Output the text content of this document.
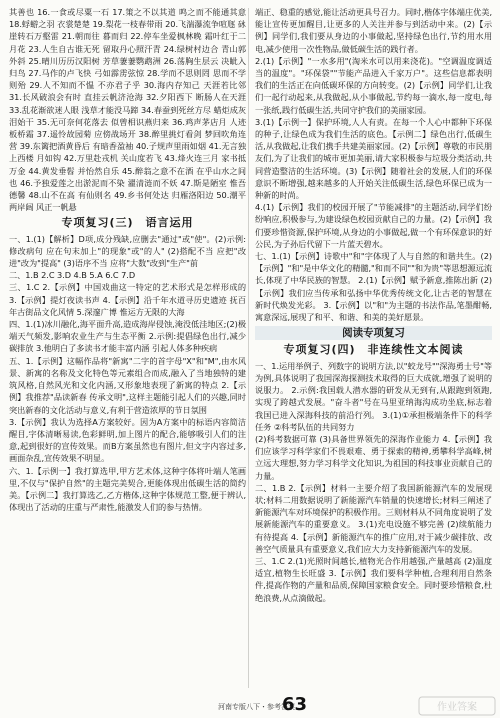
其善也 16.一食或尽粟一石 17.策之不以其道 鸣之而不能通其意 18.蜉蝣之羽 衣裳楚楚 19.梨花一枝春带雨 20.飞湍瀑流争喧豗 砯崖转石万壑雷 21.朝而往 暮而归 22.停车坐爱枫林晚 霜叶红于二月花 23.人生自古谁无死 留取丹心照汗青 24.绿树村边合 青山郭外斜 25.晴川历历汉阳树 芳草萋萋鹦鹉洲 26.荡胸生层云 决眦入归鸟 27.马作的卢飞快 弓如霹雳弦惊 28.学而不思则罔 思而不学则殆 29.人不知而不愠 不亦君子乎 30.海内存知己 天涯若比邻 31.长风破浪会有时 直挂云帆济沧海 32.夕阳西下 断肠人在天涯 33.乱花渐欲迷人眼 浅草才能没马蹄 34.春蚕到死丝方尽 蜡炬成灰泪始干 35.无可奈何花落去 似曾相识燕归来 36.鸡声茅店月 人迹板桥霜 37.遥怜故园菊 应傍战场开 38.醉里挑灯看剑 梦回吹角连营 39.东篱把酒黄昏后 有暗香盈袖 40.子规声里雨如烟 41.无言独上西楼 月如钩 42.万里赴戎机 关山度若飞 43.烽火连三月 家书抵万金 44.黄发垂髫 并怡然自乐 45.醉翁之意不在酒 在乎山水之间也 46.予独爱莲之出淤泥而不染 濯清涟而不妖 47.斯是陋室 惟吾德馨 48.山不在高 有仙则名 49.乡书何处达 归雁洛阳边 50.潮平两岸阔 风正一帆悬

专项复习(三)　语言运用

一、1.(1)【解析】D项,成分残缺,应删去"通过"或"使"。(2)示例:修改病句 应在句末加上"的现象"或"的人" (2)搭配不当 应把"改进"改为"提高" (3)语序不当 应将"大数"改到"生产"前

二、1.B 2.C 3.D 4.B 5.A 6.C 7.D

三、1.C 2.【示例】中国戏曲这一特定的艺术形式是怎样形成的 3.【示例】提灯夜读书声 4.【示例】沿千年水道寻历史遗迹 抚百年古街品文化风情 5.深邃广博 惟运方无限的大海

四、1.(1)冰川融化,海平面升高,造成海岸侵蚀,淹没低洼地区;(2)极端天气频发,影响农业生产与生态平衡 2.示例:提倡绿色出行,减少碳排放 3.他明白了多读书才能丰富内涵 引起人体多种疾病

五、1.【示例】这幅作品将"新寓"二字的首字母"X"和"M",由水风景、新寓的名称及文化特色等元素组合而成,融入了当地独特的建筑风格,自然风光和文化内涵,又形象地表现了新寓的特点 2.【示例】我推荐"品读新春 传承文明",这样主题能引起人们的兴趣,同时突出新春的文化活动与意义,有利于营造浓厚的节日氛围

3.【示例】我认为选择A方案较好。因为A方案中的标语内容简洁醒目,字体清晰易读,色彩鲜明,加上图片的配合,能够吸引人们的注意,起到很好的宣传效果。而B方案虽然也有图片,但文字内容过多,画面杂乱,宣传效果不明显。

六、1.【示例一】我打算选甲,甲方艺术体,这种字体将叶端人笔画里,不仅与"保护自然"的主题完美契合,更能体现出低碳生活的简约美。【示例二】我打算选乙,乙方楷体,这种字体规范工整,便于辨认,体现出了活动的庄重与严肃性,能激发人们的参与热情。

端正、稳重的感觉,能让活动更具号召力。同时,楷体字体端庄优美,能让宣传更加醒目,让更多的人关注并参与到活动中来。(2)【示例】同学们,我们要从身边的小事做起,坚持绿色出行,节约用水用电,减少使用一次性物品,做低碳生活的践行者。

2.(1)【示例】"一水多用"(淘米水可以用来浇花)。"空调温度调适当的温度"。"环保袋""节能产品进入千家万户"。这些信息都表明我们的生活正在向低碳环保的方向转变。(2)【示例】同学们,让我们一起行动起来,从我做起,从小事做起,节约每一滴水,每一度电,每一张纸,践行低碳生活,共同守护我们的美丽家园。

3.(1)【示例一】保护环境,人人有责。在每一个人心中都种下环保的种子,让绿色成为我们生活的底色。【示例二】绿色出行,低碳生活,从我做起,让我们携手共建美丽家园。(2)【示例】尊敬的市民朋友们,为了让我们的城市更加美丽,请大家积极参与垃圾分类活动,共同营造整洁的生活环境。(3)【示例】随着社会的发展,人们的环保意识不断增强,越来越多的人开始关注低碳生活,绿色环保已成为一种新的时尚。

4.(1)【示例】我们的校园开展了"节能减排"的主题活动,同学们纷纷响应,积极参与,为建设绿色校园贡献自己的力量。(2)【示例】我们要珍惜资源,保护环境,从身边的小事做起,做一个有环保意识的好公民,为子孙后代留下一片蓝天碧水。

七、1.(1)【示例】诗歌中"和"字体现了人与自然的和谐共生。(2)【示例】"和"是中华文化的精髓,"和而不同""和为贵"等思想源远流长,体现了中华民族的智慧。 2.(1)【示例】赋予新意,推陈出新 (2)【示例】我们应当传承和弘扬中华优秀传统文化,让古老的智慧在新时代焕发光彩。 3.【示例】以"和"为主题的书法作品,笔墨酣畅,寓意深远,展现了和平、和谐、和美的美好愿景。

阅读专项复习
专项复习(四)　非连续性文本阅读

一、1.运用举例子、列数字的说明方法,以"蛟龙号""深海勇士号"等为例,具体说明了我国深海探测技术取得的巨大成就,增强了说明的说服力。 2.示例:我国载人潜水器的研发从无到有,从跟跑到领跑,实现了跨越式发展。"奋斗者"号在马里亚纳海沟成功坐底,标志着我国已进入深海科技的前沿行列。 3.(1)①承担极端条件下的科学任务 ②科考队伍的共同努力

(2)科考数据可靠 (3)具备世界领先的深海作业能力 4.【示例】我们应该学习科学家们不畏艰难、勇于探索的精神,勇攀科学高峰,树立远大理想,努力学习科学文化知识,为祖国的科技事业贡献自己的力量。

二、1.B 2.【示例】材料一主要介绍了我国新能源汽车的发展现状;材料二用数据说明了新能源汽车销量的快速增长;材料三阐述了新能源汽车对环境保护的积极作用。三则材料从不同角度说明了发展新能源汽车的重要意义。 3.(1)充电设施不够完善 (2)续航能力有待提高 4.【示例】新能源汽车的推广应用,对于减少碳排放、改善空气质量具有重要意义,我们应大力支持新能源汽车的发展。

三、1.C 2.(1)光照时间越长,植物光合作用越强,产量越高 (2)温度适宜,植物生长旺盛 3.【示例】我们要科学种植,合理利用自然条件,提高作物的产量和品质,保障国家粮食安全。同时要珍惜粮食,杜绝浪费,从点滴做起。

河南专版八下・参考答案
63	作业答案
